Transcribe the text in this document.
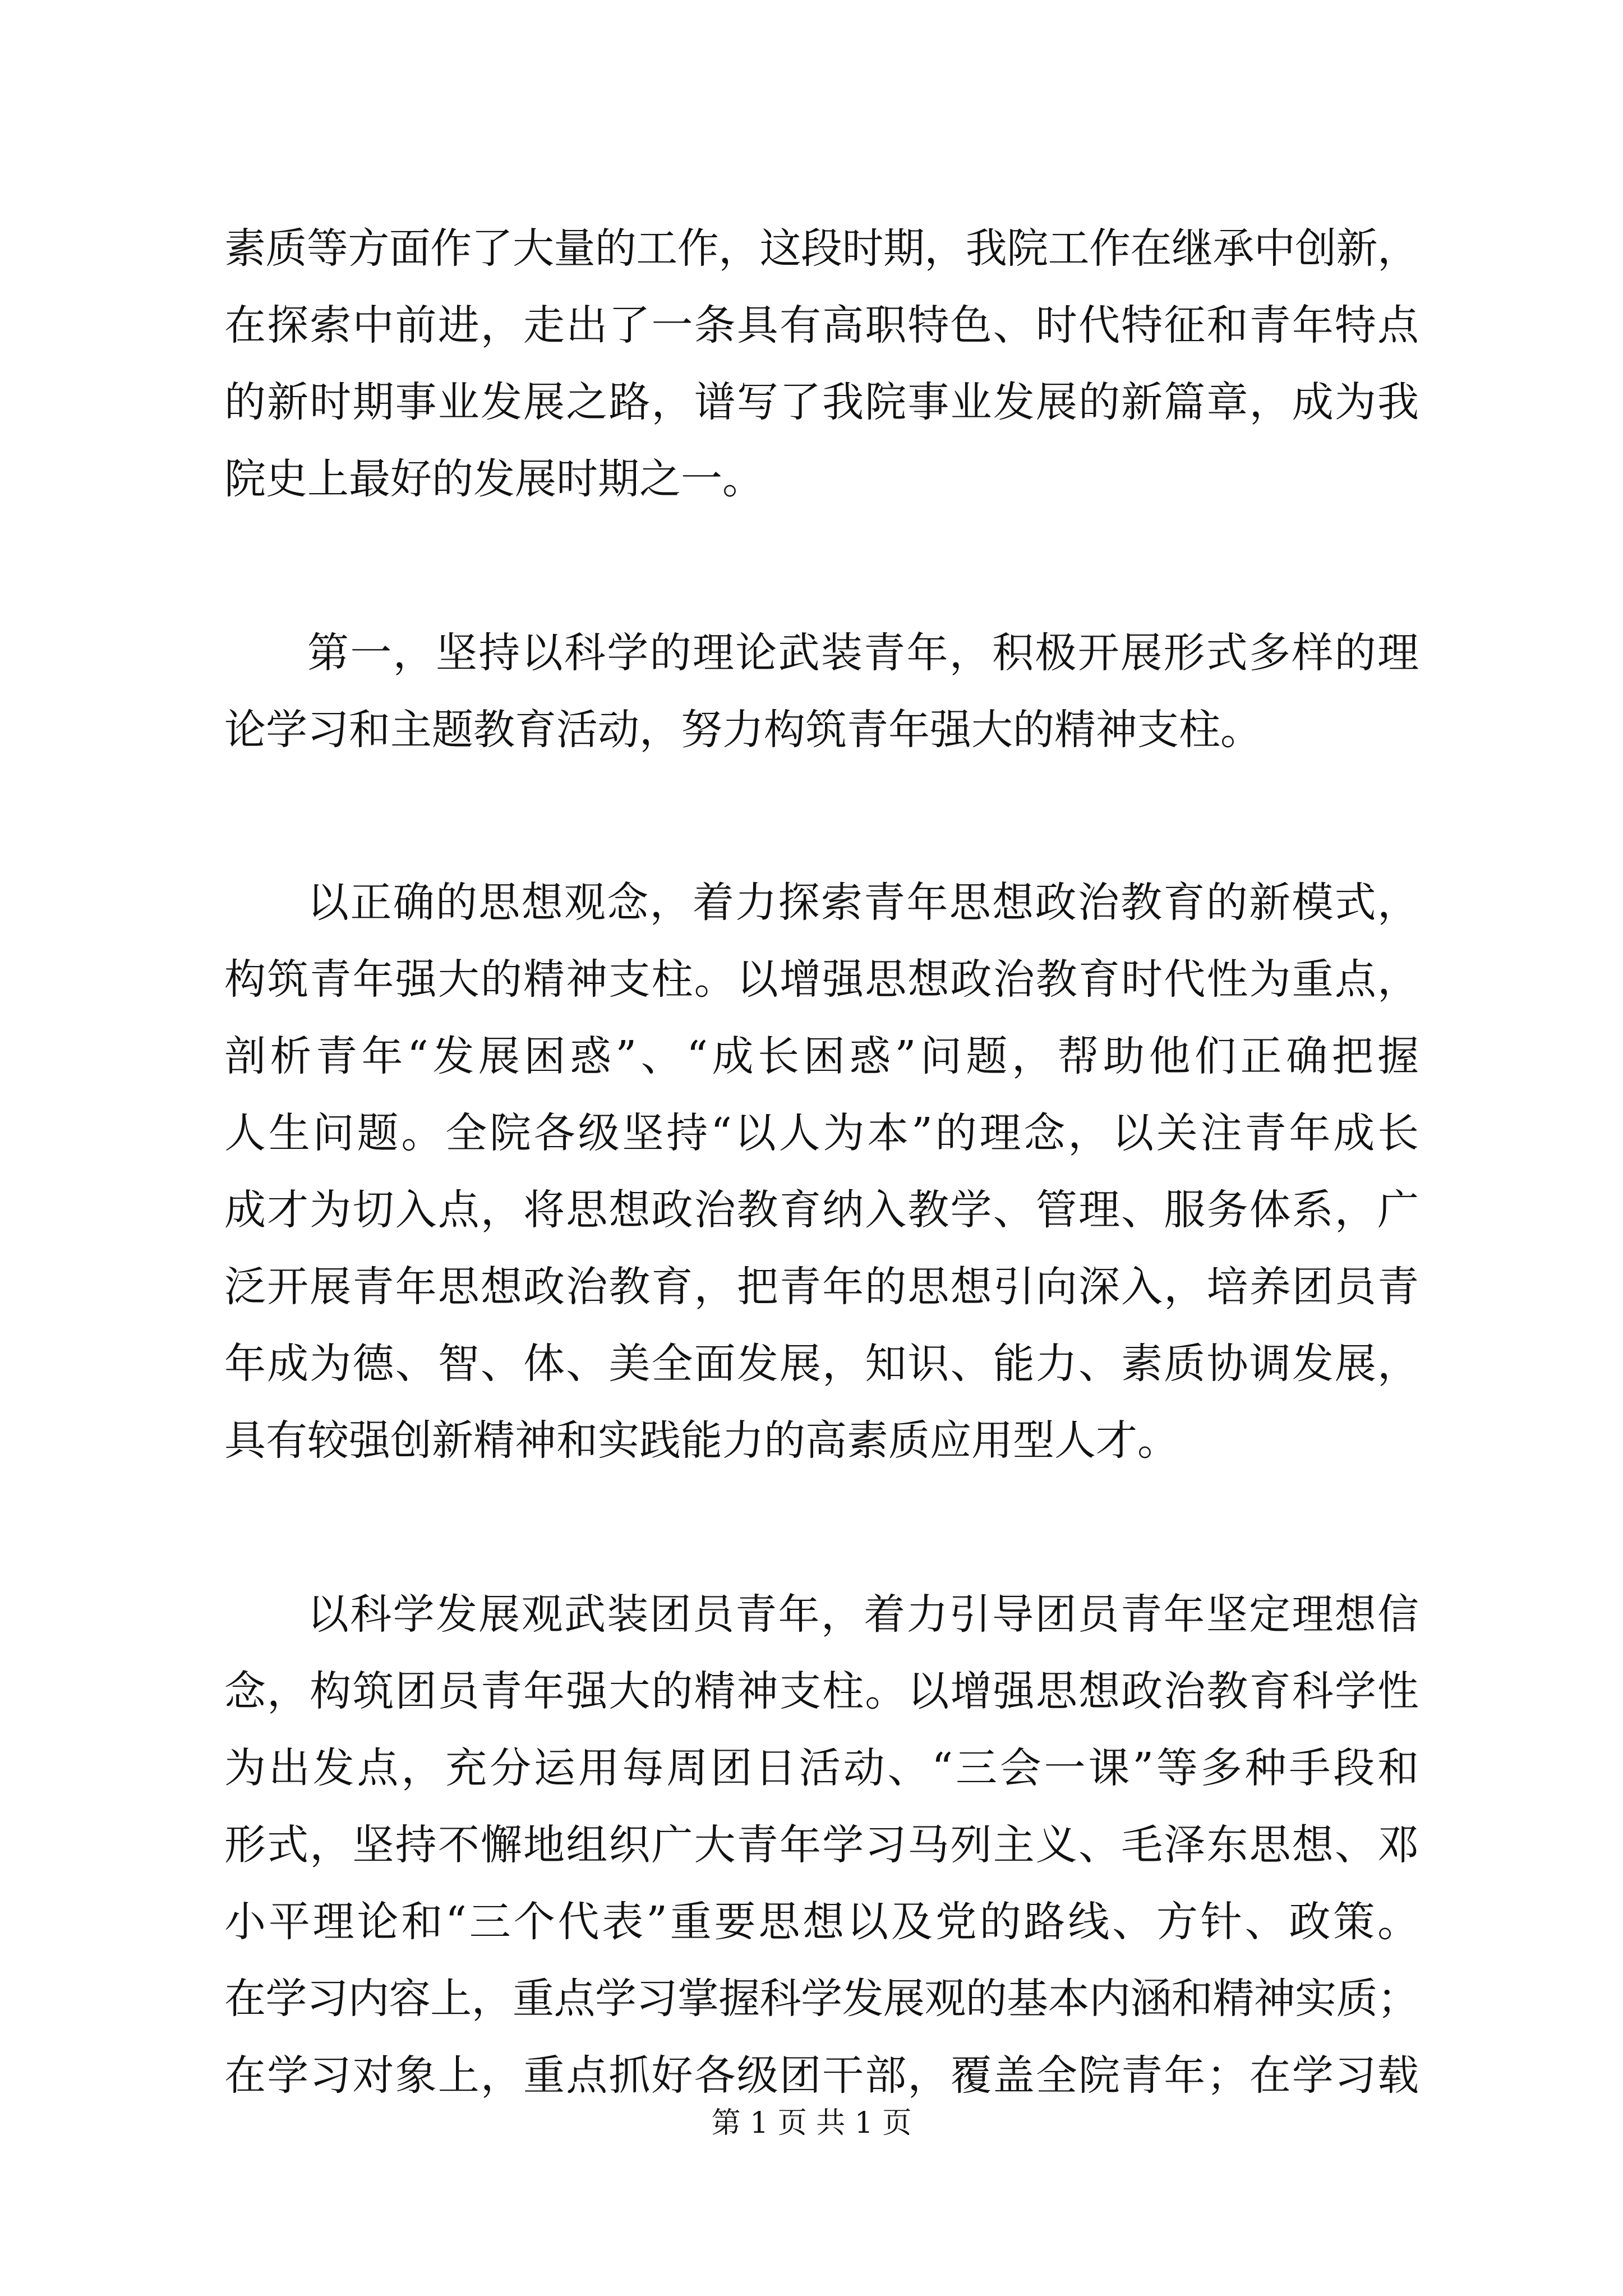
素质等方面作了大量的工作，这段时期，我院工作在继承中创新，
在探索中前进，走出了一条具有高职特色、时代特征和青年特点
的新时期事业发展之路，谱写了我院事业发展的新篇章，成为我
院史上最好的发展时期之一。
第一，坚持以科学的理论武装青年，积极开展形式多样的理
论学习和主题教育活动，努力构筑青年强大的精神支柱。
以正确的思想观念，着力探索青年思想政治教育的新模式，
构筑青年强大的精神支柱。以增强思想政治教育时代性为重点，
剖析青年“发展困惑”、“成长困惑”问题，帮助他们正确把握
人生问题。全院各级坚持“以人为本”的理念，以关注青年成长
成才为切入点，将思想政治教育纳入教学、管理、服务体系，广
泛开展青年思想政治教育，把青年的思想引向深入，培养团员青
年成为德、智、体、美全面发展，知识、能力、素质协调发展，
具有较强创新精神和实践能力的高素质应用型人才。
以科学发展观武装团员青年，着力引导团员青年坚定理想信
念，构筑团员青年强大的精神支柱。以增强思想政治教育科学性
为出发点，充分运用每周团日活动、“三会一课”等多种手段和
形式，坚持不懈地组织广大青年学习马列主义、毛泽东思想、邓
小平理论和“三个代表”重要思想以及党的路线、方针、政策。
在学习内容上，重点学习掌握科学发展观的基本内涵和精神实质；
在学习对象上，重点抓好各级团干部，覆盖全院青年；在学习载
第 1 页 共 1 页
